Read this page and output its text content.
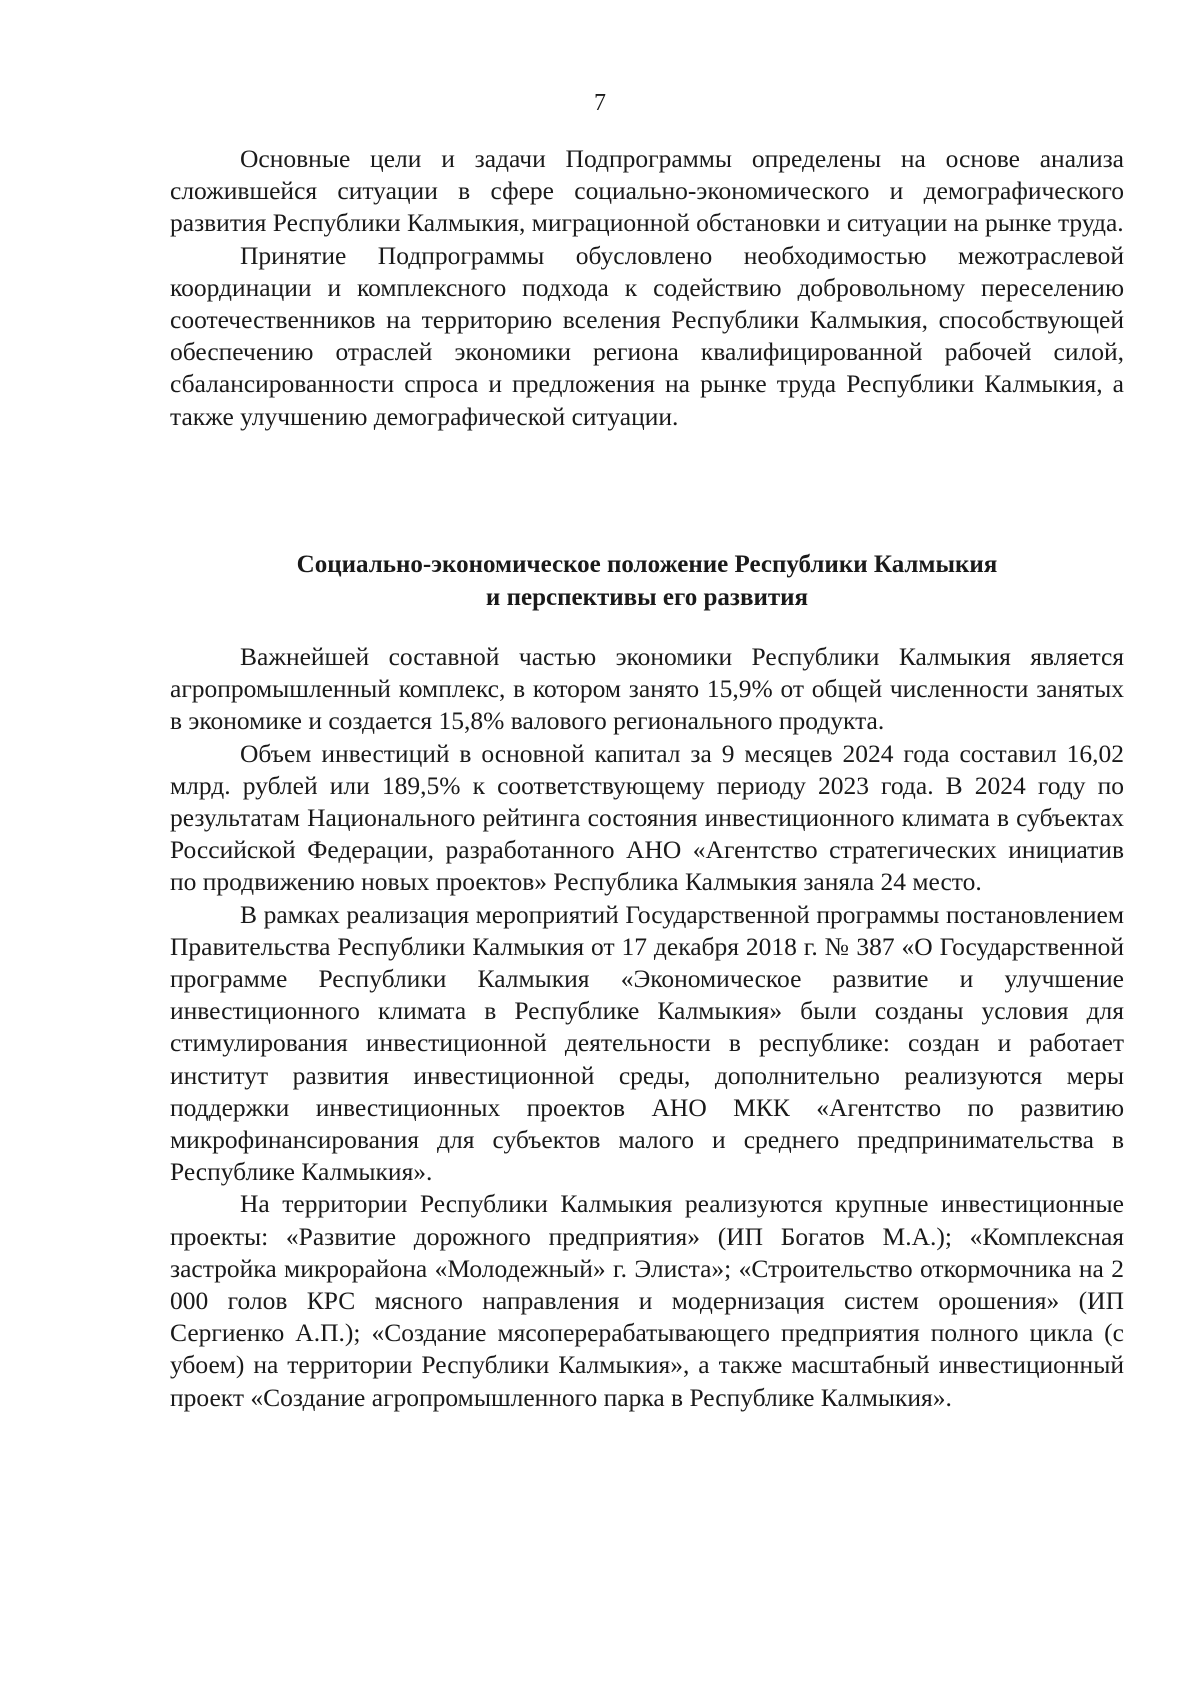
7

Основные цели и задачи Подпрограммы определены на основе анализа сложившейся ситуации в сфере социально-экономического и демографического развития Республики Калмыкия, миграционной обстановки и ситуации на рынке труда.

Принятие Подпрограммы обусловлено необходимостью межотраслевой координации и комплексного подхода к содействию добровольному переселению соотечественников на территорию вселения Республики Калмыкия, способствующей обеспечению отраслей экономики региона квалифицированной рабочей силой, сбалансированности спроса и предложения на рынке труда Республики Калмыкия, а также улучшению демографической ситуации.

Социально-экономическое положение Республики Калмыкия
и перспективы его развития

Важнейшей составной частью экономики Республики Калмыкия является агропромышленный комплекс, в котором занято 15,9% от общей численности занятых в экономике и создается 15,8% валового регионального продукта.

Объем инвестиций в основной капитал за 9 месяцев 2024 года составил 16,02 млрд. рублей или 189,5% к соответствующему периоду 2023 года. В 2024 году по результатам Национального рейтинга состояния инвестиционного климата в субъектах Российской Федерации, разработанного АНО «Агентство стратегических инициатив по продвижению новых проектов» Республика Калмыкия заняла 24 место.

В рамках реализация мероприятий Государственной программы постановлением Правительства Республики Калмыкия от 17 декабря 2018 г. № 387 «О Государственной программе Республики Калмыкия «Экономическое развитие и улучшение инвестиционного климата в Республике Калмыкия» были созданы условия для стимулирования инвестиционной деятельности в республике: создан и работает институт развития инвестиционной среды, дополнительно реализуются меры поддержки инвестиционных проектов АНО МКК «Агентство по развитию микрофинансирования для субъектов малого и среднего предпринимательства в Республике Калмыкия».

На территории Республики Калмыкия реализуются крупные инвестиционные проекты: «Развитие дорожного предприятия» (ИП Богатов М.А.); «Комплексная застройка микрорайона «Молодежный» г. Элиста»; «Строительство откормочника на 2 000 голов КРС мясного направления и модернизация систем орошения» (ИП Сергиенко А.П.); «Создание мясоперерабатывающего предприятия полного цикла (с убоем) на территории Республики Калмыкия», а также масштабный инвестиционный проект «Создание агропромышленного парка в Республике Калмыкия».
